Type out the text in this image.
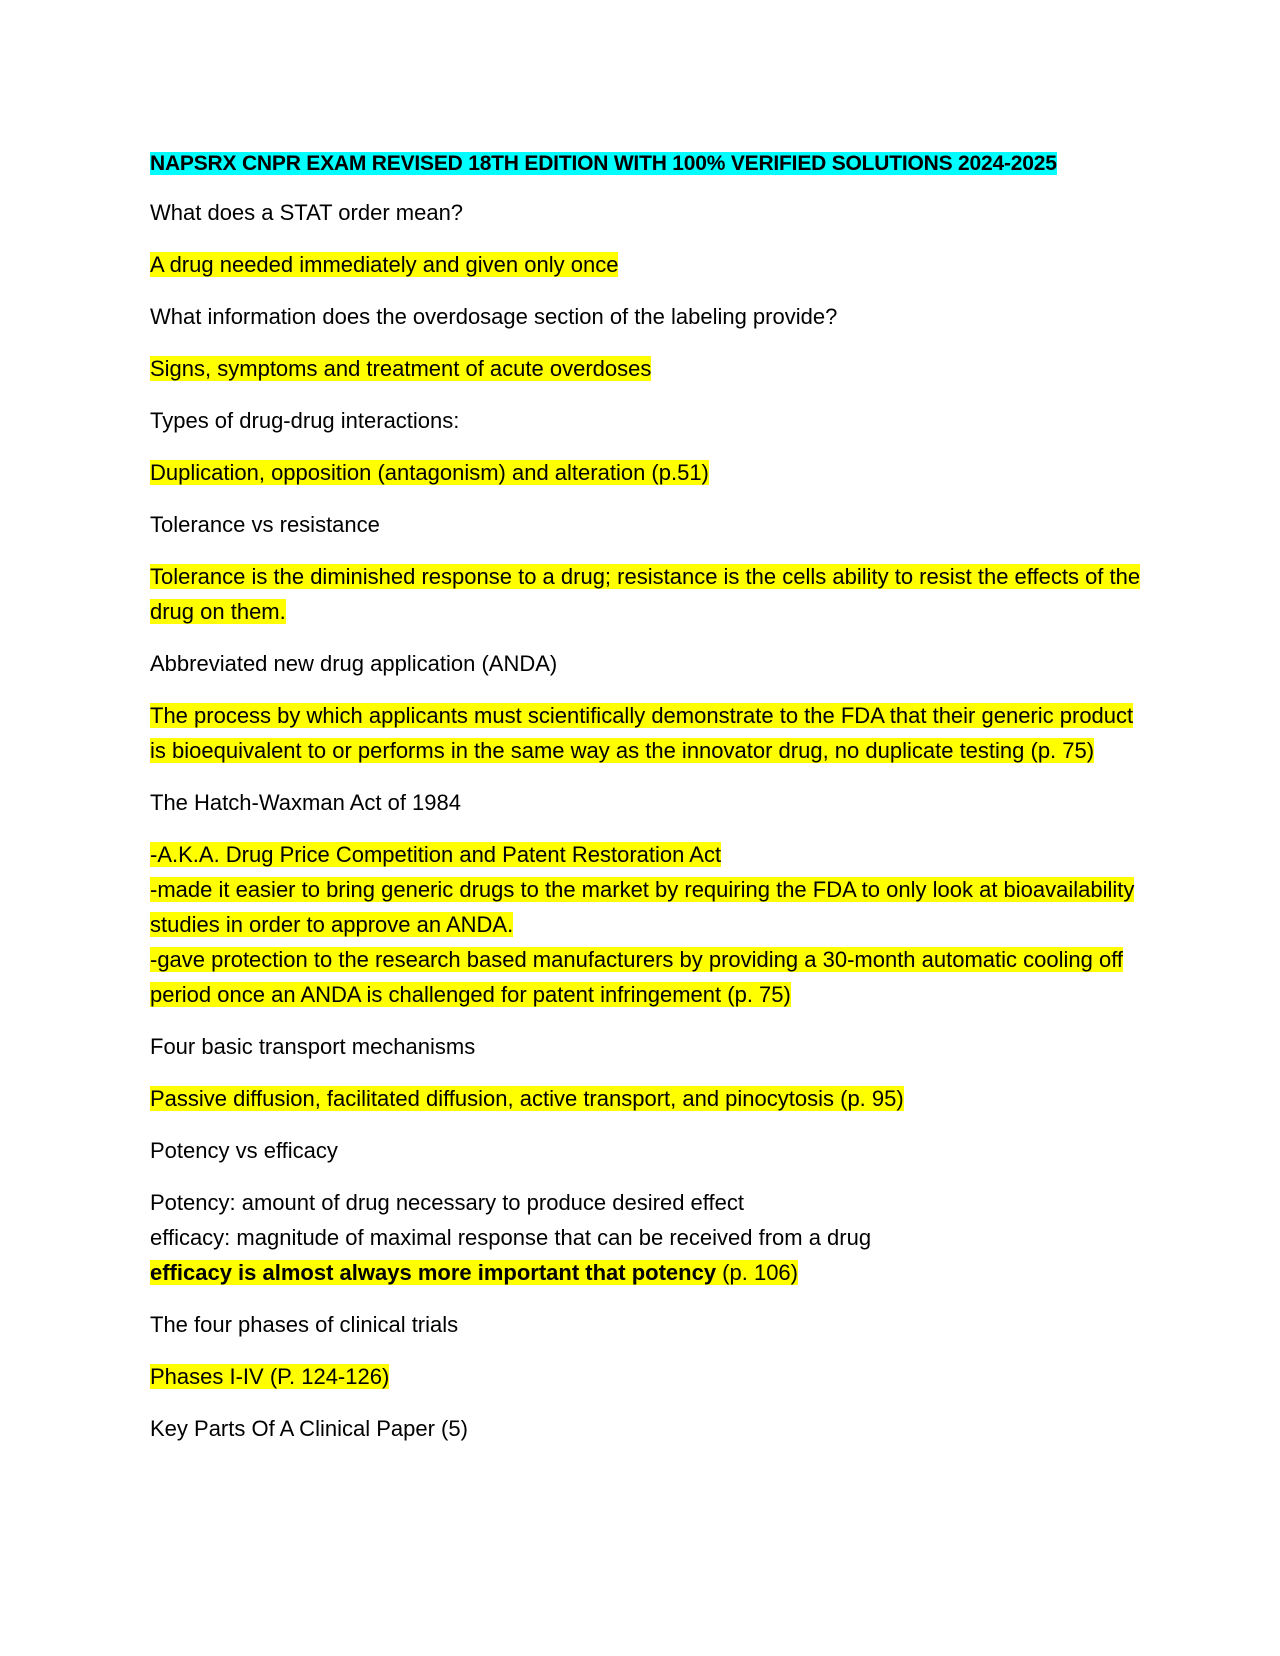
NAPSRX CNPR EXAM REVISED 18TH EDITION WITH 100% VERIFIED SOLUTIONS 2024-2025
What does a STAT order mean?
A drug needed immediately and given only once
What information does the overdosage section of the labeling provide?
Signs, symptoms and treatment of acute overdoses
Types of drug-drug interactions:
Duplication, opposition (antagonism) and alteration (p.51)
Tolerance vs resistance
Tolerance is the diminished response to a drug; resistance is the cells ability to resist the effects of the drug on them.
Abbreviated new drug application (ANDA)
The process by which applicants must scientifically demonstrate to the FDA that their generic product is bioequivalent to or performs in the same way as the innovator drug, no duplicate testing (p. 75)
The Hatch-Waxman Act of 1984
-A.K.A. Drug Price Competition and Patent Restoration Act
-made it easier to bring generic drugs to the market by requiring the FDA to only look at bioavailability studies in order to approve an ANDA.
-gave protection to the research based manufacturers by providing a 30-month automatic cooling off period once an ANDA is challenged for patent infringement (p. 75)
Four basic transport mechanisms
Passive diffusion, facilitated diffusion, active transport, and pinocytosis (p. 95)
Potency vs efficacy
Potency: amount of drug necessary to produce desired effect
efficacy: magnitude of maximal response that can be received from a drug
efficacy is almost always more important that potency (p. 106)
The four phases of clinical trials
Phases I-IV (P. 124-126)
Key Parts Of A Clinical Paper (5)
